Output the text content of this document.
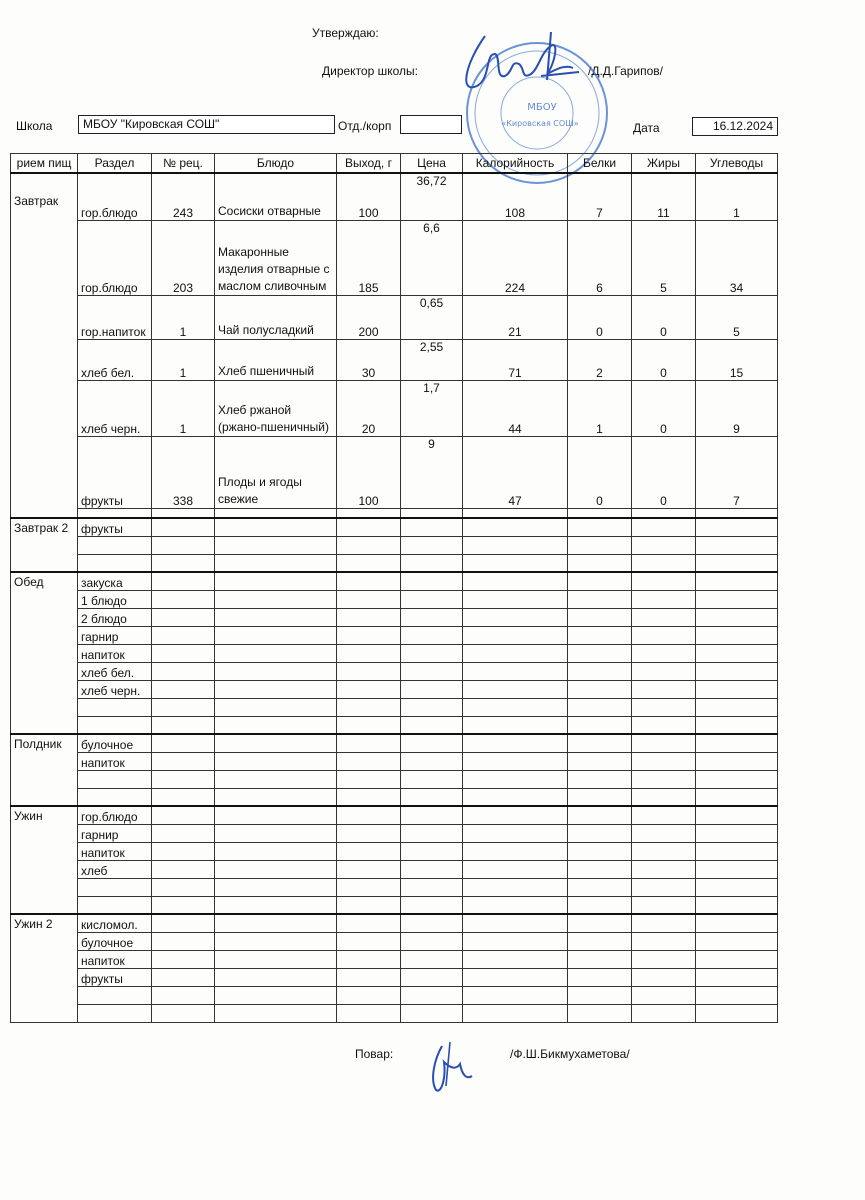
Утверждаю:
Директор школы:	/Д.Д.Гарипов/
Школа	МБОУ "Кировская СОШ"	Отд./корп	Дата	16.12.2024
МБОУ
«Кировская СОШ»
рием пищ	Раздел	№ рец.	Блюдо	Выход, г	Цена	Калорийность	Белки	Жиры	Углеводы
Завтрак	гор.блюдо	243	Сосиски отварные	100	36,72	108	7	11	1
	гор.блюдо	203	Макаронные изделия отварные с маслом сливочным	185	6,6	224	6	5	34
	гор.напиток	1	Чай полусладкий	200	0,65	21	0	0	5
	хлеб бел.	1	Хлеб пшеничный	30	2,55	71	2	0	15
	хлеб черн.	1	Хлеб ржаной (ржано-пшеничный)	20	1,7	44	1	0	9
	фрукты	338	Плоды и ягоды свежие	100	9	47	0	0	7

Завтрак 2	фрукты								

Обед	закуска								
	1 блюдо								
	2 блюдо								
	гарнир								
	напиток								
	хлеб бел.								
	хлеб черн.								

Полдник	булочное								
	напиток								

Ужин	гор.блюдо								
	гарнир								
	напиток								
	хлеб								

Ужин 2	кисломол.								
	булочное								
	напиток								
	фрукты								

Повар:	/Ф.Ш.Бикмухаметова/
